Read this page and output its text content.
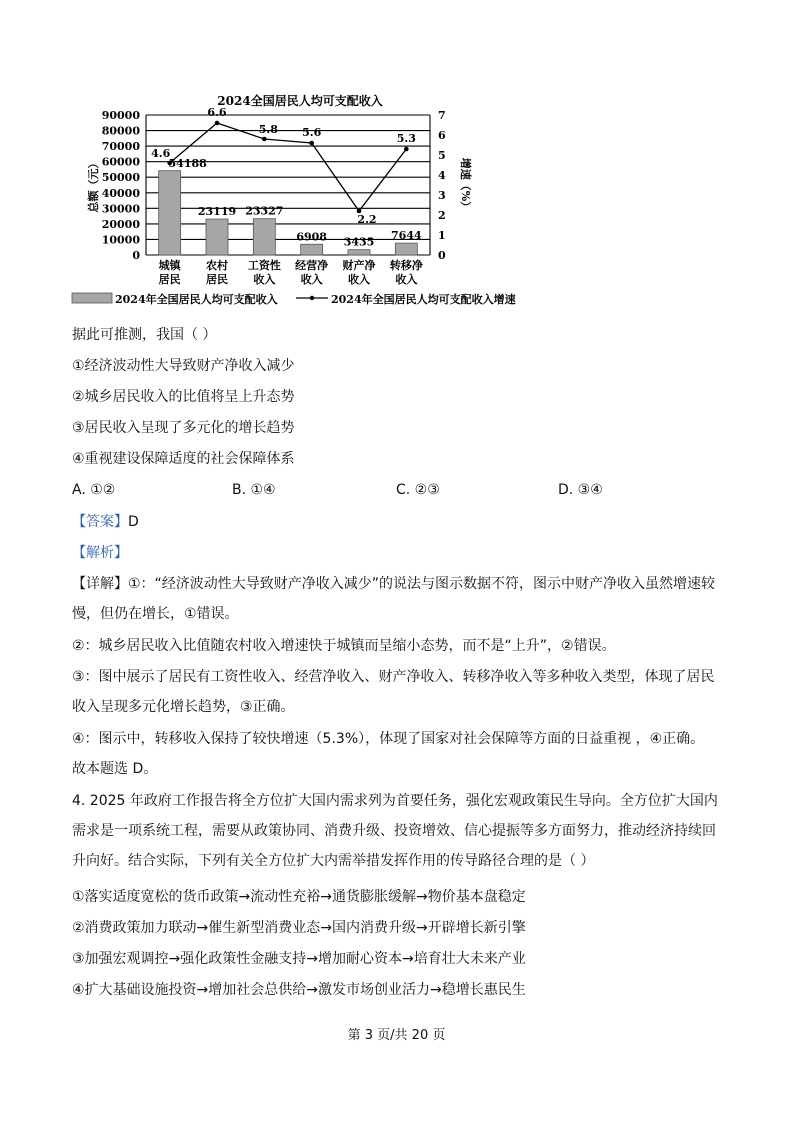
2024全国居民人均可支配收入
0
10000
20000
30000
40000
50000
60000
70000
80000
90000
0
1
2
3
4
5
6
7
总额（元）	增速（%）
54188
23119 23327
6908 3435
7644
4.6
6.6
5.8 5.6
2.2
5.3
城镇
居民
农村
居民
工资性
收入
经营净
收入
财产净
收入
转移净
收入
2024年全国居民人均可支配收入	2024年全国居民人均可支配收入增速
据此可推测，我国（ ）
①经济波动性大导致财产净收入减少
②城乡居民收入的比值将呈上升态势
③居民收入呈现了多元化的增长趋势
④重视建设保障适度的社会保障体系
A. ①②	B. ①④	C. ②③	D. ③④
【答案】D
【解析】
【详解】①：“经济波动性大导致财产净收入减少”的说法与图示数据不符，图示中财产净收入虽然增速较慢，但仍在增长，①错误。
②：城乡居民收入比值随农村收入增速快于城镇而呈缩小态势，而不是“上升”，②错误。
③：图中展示了居民有工资性收入、经营净收入、财产净收入、转移净收入等多种收入类型，体现了居民收入呈现多元化增长趋势，③正确。
④：图示中，转移收入保持了较快增速（5.3%），体现了国家对社会保障等方面的日益重视 ，④正确。
故本题选 D。
4. 2025 年政府工作报告将全方位扩大国内需求列为首要任务，强化宏观政策民生导向。全方位扩大国内需求是一项系统工程，需要从政策协同、消费升级、投资增效、信心提振等多方面努力，推动经济持续回升向好。结合实际，下列有关全方位扩大内需举措发挥作用的传导路径合理的是（ ）
①落实适度宽松的货币政策→流动性充裕→通货膨胀缓解→物价基本盘稳定
②消费政策加力联动→催生新型消费业态→国内消费升级→开辟增长新引擎
③加强宏观调控→强化政策性金融支持→增加耐心资本→培育壮大未来产业
④扩大基础设施投资→增加社会总供给→激发市场创业活力→稳增长惠民生
第 3 页/共 20 页
